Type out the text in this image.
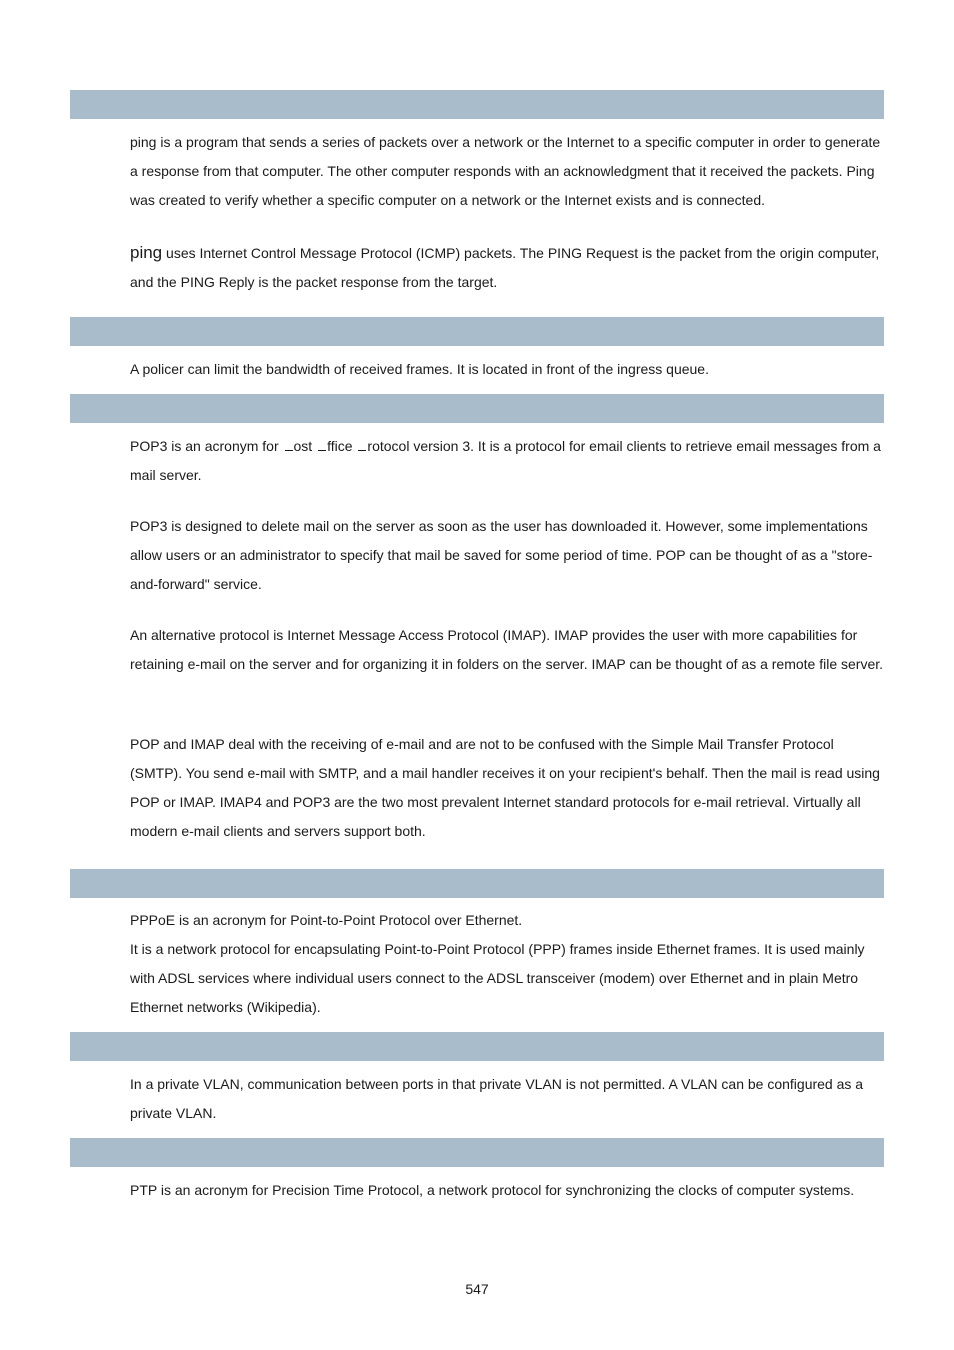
ping is a program that sends a series of packets over a network or the Internet to a specific computer in order to generate a response from that computer. The other computer responds with an acknowledgment that it received the packets. Ping was created to verify whether a specific computer on a network or the Internet exists and is connected.

ping uses Internet Control Message Protocol (ICMP) packets. The PING Request is the packet from the origin computer, and the PING Reply is the packet response from the target.

A policer can limit the bandwidth of received frames. It is located in front of the ingress queue.

POP3 is an acronym for ost ffice rotocol version 3. It is a protocol for email clients to retrieve email messages from a mail server.

POP3 is designed to delete mail on the server as soon as the user has downloaded it. However, some implementations allow users or an administrator to specify that mail be saved for some period of time. POP can be thought of as a "store-and-forward" service.

An alternative protocol is Internet Message Access Protocol (IMAP). IMAP provides the user with more capabilities for retaining e-mail on the server and for organizing it in folders on the server. IMAP can be thought of as a remote file server.

POP and IMAP deal with the receiving of e-mail and are not to be confused with the Simple Mail Transfer Protocol (SMTP). You send e-mail with SMTP, and a mail handler receives it on your recipient's behalf. Then the mail is read using POP or IMAP. IMAP4 and POP3 are the two most prevalent Internet standard protocols for e-mail retrieval. Virtually all modern e-mail clients and servers support both.

PPPoE is an acronym for Point-to-Point Protocol over Ethernet.

It is a network protocol for encapsulating Point-to-Point Protocol (PPP) frames inside Ethernet frames. It is used mainly with ADSL services where individual users connect to the ADSL transceiver (modem) over Ethernet and in plain Metro Ethernet networks (Wikipedia).

In a private VLAN, communication between ports in that private VLAN is not permitted. A VLAN can be configured as a private VLAN.

PTP is an acronym for Precision Time Protocol, a network protocol for synchronizing the clocks of computer systems.

547
